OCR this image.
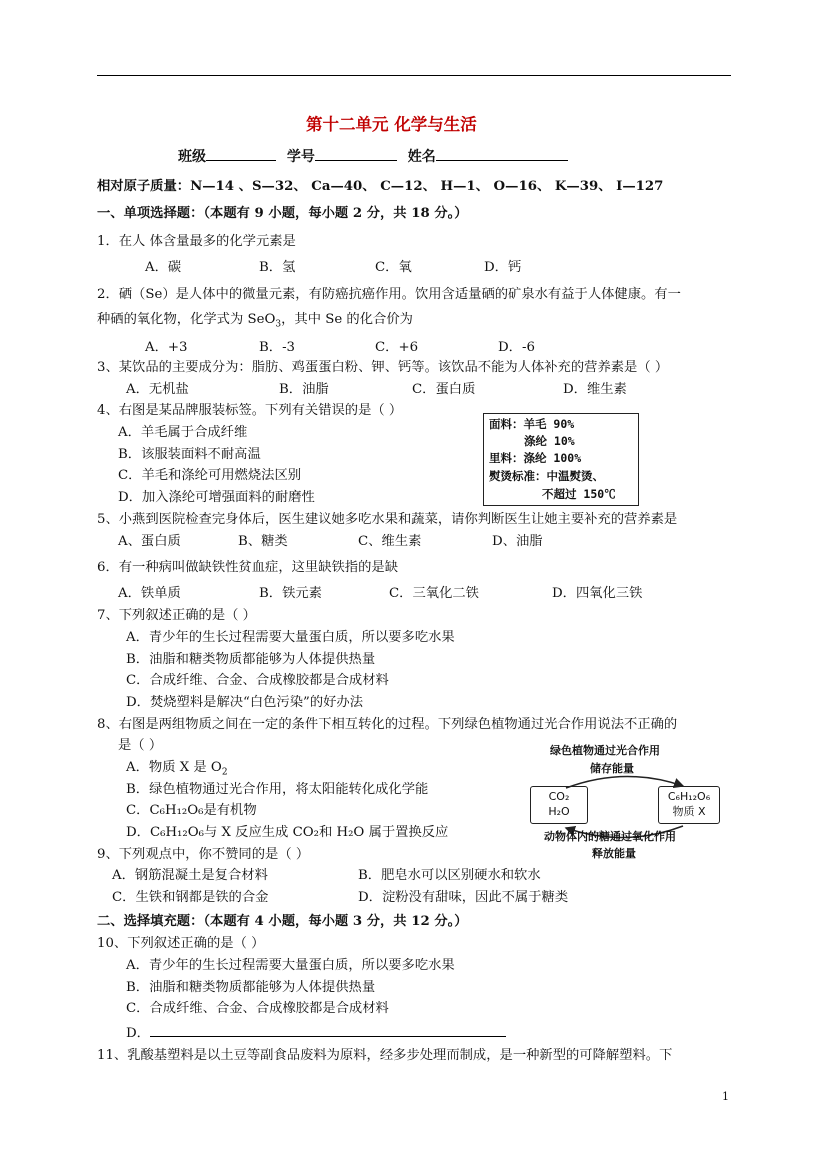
第十二单元 化学与生活
班级	学号	姓名
相对原子质量：N—14 、S—32、 Ca—40、 C—12、 H—1、 O—16、 K—39、 I—127
一、单项选择题：（本题有 9 小题，每小题 2 分，共 18 分。）
1．在人 体含量最多的化学元素是
A．碳	B．氢	C．氧	D．钙
2．硒（Se）是人体中的微量元素，有防癌抗癌作用。饮用含适量硒的矿泉水有益于人体健康。有一
种硒的氧化物，化学式为 SeO$_3$，其中 Se 的化合价为
A．+3	B．-3	C．+6	D．-6
3、某饮品的主要成分为：脂肪、鸡蛋蛋白粉、钾、钙等。该饮品不能为人体补充的营养素是（ ）
A．无机盐	B．油脂	C．蛋白质	D．维生素
4、右图是某品牌服装标签。下列有关错误的是（ ）
A．羊毛属于合成纤维
B．该服装面料不耐高温
C．羊毛和涤纶可用燃烧法区别
D．加入涤纶可增强面料的耐磨性
面料：羊毛 90%
涤纶 10%
里料：涤纶 100%
熨烫标准：中温熨烫、
不超过 150℃
5、小燕到医院检查完身体后，医生建议她多吃水果和蔬菜，请你判断医生让她主要补充的营养素是
A、蛋白质	B、糖类	C、维生素	D、油脂
6．有一种病叫做缺铁性贫血症，这里缺铁指的是缺
A．铁单质	B．铁元素	C．三氧化二铁	D．四氧化三铁
7、下列叙述正确的是（ ）
A．青少年的生长过程需要大量蛋白质，所以要多吃水果
B．油脂和糖类物质都能够为人体提供热量
C．合成纤维、合金、合成橡胶都是合成材料
D．焚烧塑料是解决“白色污染”的好办法
8、右图是两组物质之间在一定的条件下相互转化的过程。下列绿色植物通过光合作用说法不正确的
是（ ）
A．物质 X 是 $O_2$
B．绿色植物通过光合作用，将太阳能转化成化学能
C．C₆H₁₂O₆是有机物
D．C₆H₁₂O₆与 X 反应生成 CO₂和 H₂O 属于置换反应
绿色植物通过光合作用
储存能量
CO₂
H₂O
C₆H₁₂O₆
物质 X
动物体内的糖通过氧化作用
释放能量
9、下列观点中，你不赞同的是（ ）
A．钢筋混凝土是复合材料	B．肥皂水可以区别硬水和软水
C．生铁和钢都是铁的合金	D．淀粉没有甜味，因此不属于糖类
二、选择填充题：（本题有 4 小题，每小题 3 分，共 12 分。）
10、下列叙述正确的是（ ）
A．青少年的生长过程需要大量蛋白质，所以要多吃水果
B．油脂和糖类物质都能够为人体提供热量
C．合成纤维、合金、合成橡胶都是合成材料
D．
11、乳酸基塑料是以土豆等副食品废料为原料，经多步处理而制成，是一种新型的可降解塑料。下
1
